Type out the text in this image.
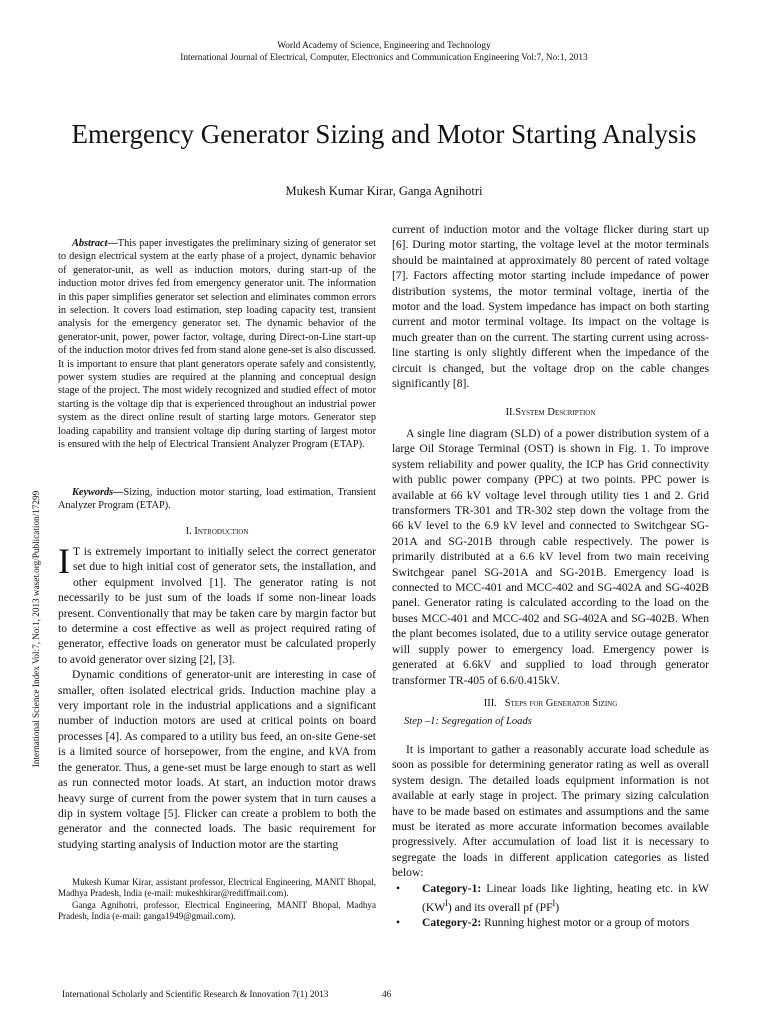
World Academy of Science, Engineering and Technology
International Journal of Electrical, Computer, Electronics and Communication Engineering Vol:7, No:1, 2013
Emergency Generator Sizing and Motor Starting Analysis
Mukesh Kumar Kirar, Ganga Agnihotri
International Science Index Vol:7, No:1, 2013 waset.org/Publication/17299
Abstract—This paper investigates the preliminary sizing of generator set to design electrical system at the early phase of a project, dynamic behavior of generator-unit, as well as induction motors, during start-up of the induction motor drives fed from emergency generator unit. The information in this paper simplifies generator set selection and eliminates common errors in selection. It covers load estimation, step loading capacity test, transient analysis for the emergency generator set. The dynamic behavior of the generator-unit, power, power factor, voltage, during Direct-on-Line start-up of the induction motor drives fed from stand alone gene-set is also discussed. It is important to ensure that plant generators operate safely and consistently, power system studies are required at the planning and conceptual design stage of the project. The most widely recognized and studied effect of motor starting is the voltage dip that is experienced throughout an industrial power system as the direct online result of starting large motors. Generator step loading capability and transient voltage dip during starting of largest motor is ensured with the help of Electrical Transient Analyzer Program (ETAP).
Keywords—Sizing, induction motor starting, load estimation, Transient Analyzer Program (ETAP).
I. Introduction

I T is extremely important to initially select the correct generator set due to high initial cost of generator sets, the installation, and other equipment involved [1]. The generator rating is not necessarily to be just sum of the loads if some non-linear loads present. Conventionally that may be taken care by margin factor but to determine a cost effective as well as project required rating of generator, effective loads on generator must be calculated properly to avoid generator over sizing [2], [3].

Dynamic conditions of generator-unit are interesting in case of smaller, often isolated electrical grids. Induction machine play a very important role in the industrial applications and a significant number of induction motors are used at critical points on board processes [4]. As compared to a utility bus feed, an on-site Gene-set is a limited source of horsepower, from the engine, and kVA from the generator. Thus, a gene-set must be large enough to start as well as run connected motor loads. At start, an induction motor draws heavy surge of current from the power system that in turn causes a dip in system voltage [5]. Flicker can create a problem to both the generator and the connected loads. The basic requirement for studying starting analysis of Induction motor are the starting

Mukesh Kumar Kirar, assistant professor, Electrical Engineering, MANIT Bhopal, Madhya Pradesh, India (e-mail: mukeshkirar@rediffmail.com).

Ganga Agnihotri, professor, Electrical Engineering, MANIT Bhopal, Madhya Pradesh, India (e-mail: ganga1949@gmail.com).

current of induction motor and the voltage flicker during start up [6]. During motor starting, the voltage level at the motor terminals should be maintained at approximately 80 percent of rated voltage [7]. Factors affecting motor starting include impedance of power distribution systems, the motor terminal voltage, inertia of the motor and the load. System impedance has impact on both starting current and motor terminal voltage. Its impact on the voltage is much greater than on the current. The starting current using across-line starting is only slightly different when the impedance of the circuit is changed, but the voltage drop on the cable changes significantly [8].

II.System Description

A single line diagram (SLD) of a power distribution system of a large Oil Storage Terminal (OST) is shown in Fig. 1. To improve system reliability and power quality, the ICP has Grid connectivity with public power company (PPC) at two points. PPC power is available at 66 kV voltage level through utility ties 1 and 2. Grid transformers TR-301 and TR-302 step down the voltage from the 66 kV level to the 6.9 kV level and connected to Switchgear SG-201A and SG-201B through cable respectively. The power is primarily distributed at a 6.6 kV level from two main receiving Switchgear panel SG-201A and SG-201B. Emergency load is connected to MCC-401 and MCC-402 and SG-402A and SG-402B panel. Generator rating is calculated according to the load on the buses MCC-401 and MCC-402 and SG-402A and SG-402B. When the plant becomes isolated, due to a utility service outage generator will supply power to emergency load. Emergency power is generated at 6.6kV and supplied to load through generator transformer TR-405 of 6.6/0.415kV.

III. Steps for Generator Sizing
Step –1: Segregation of Loads

It is important to gather a reasonably accurate load schedule as soon as possible for determining generator rating as well as overall system design. The detailed loads equipment information is not available at early stage in project. The primary sizing calculation have to be made based on estimates and assumptions and the same must be iterated as more accurate information becomes available progressively. After accumulation of load list it is necessary to segregate the loads in different application categories as listed below:

• Category-1: Linear loads like lighting, heating etc. in kW $(KW^l)$ and its overall pf $(PF^l)$
• Category-2: Running highest motor or a group of motors
International Scholarly and Scientific Research & Innovation 7(1) 2013	46
